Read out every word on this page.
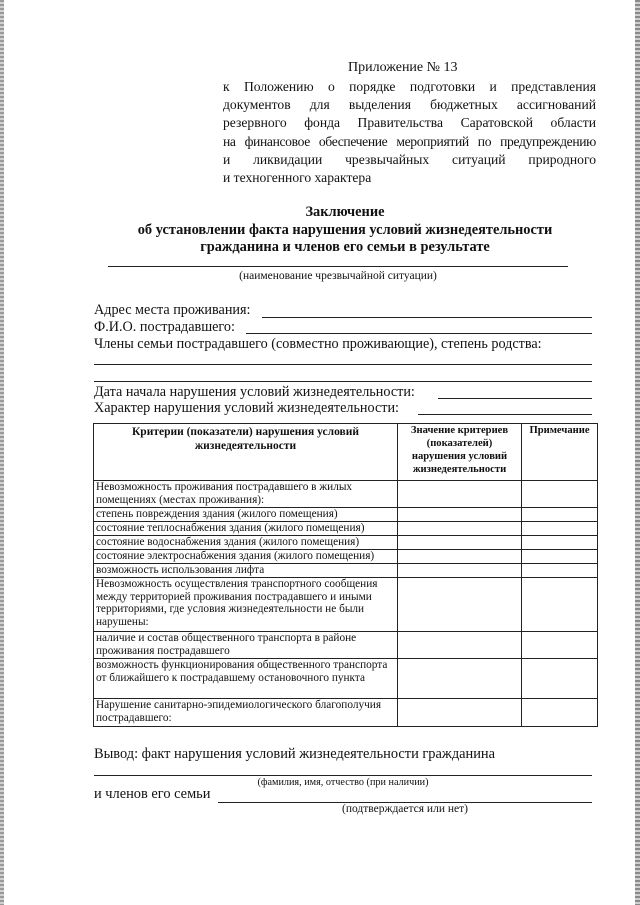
Приложение № 13
к Положению о порядке подготовки и представления
документов для выделения бюджетных ассигнований
резервного фонда Правительства Саратовской области
на финансовое обеспечение мероприятий по предупреждению
и ликвидации чрезвычайных ситуаций природного
и техногенного характера
Заключение
об установлении факта нарушения условий жизнедеятельности
гражданина и членов его семьи в результате
(наименование чрезвычайной ситуации)
Адрес места проживания:
Ф.И.О. пострадавшего:
Члены семьи пострадавшего (совместно проживающие), степень родства:
Дата начала нарушения условий жизнедеятельности:
Характер нарушения условий жизнедеятельности:
Критерии (показатели) нарушения условий жизнедеятельности	Значение критериев (показателей) нарушения условий жизнедеятельности	Примечание
Невозможность проживания пострадавшего в жилых помещениях (местах проживания):		
степень повреждения здания (жилого помещения)		
состояние теплоснабжения здания (жилого помещения)		
состояние водоснабжения здания (жилого помещения)		
состояние электроснабжения здания (жилого помещения)		
возможность использования лифта		
Невозможность осуществления транспортного сообщения между территорией проживания пострадавшего и иными территориями, где условия жизнедеятельности не были нарушены:		
наличие и состав общественного транспорта в районе проживания пострадавшего		
возможность функционирования общественного транспорта от ближайшего к пострадавшему остановочного пункта		
Нарушение санитарно-эпидемиологического благополучия пострадавшего:		
Вывод: факт нарушения условий жизнедеятельности гражданина
(фамилия, имя, отчество (при наличии)
и членов его семьи
(подтверждается или нет)
